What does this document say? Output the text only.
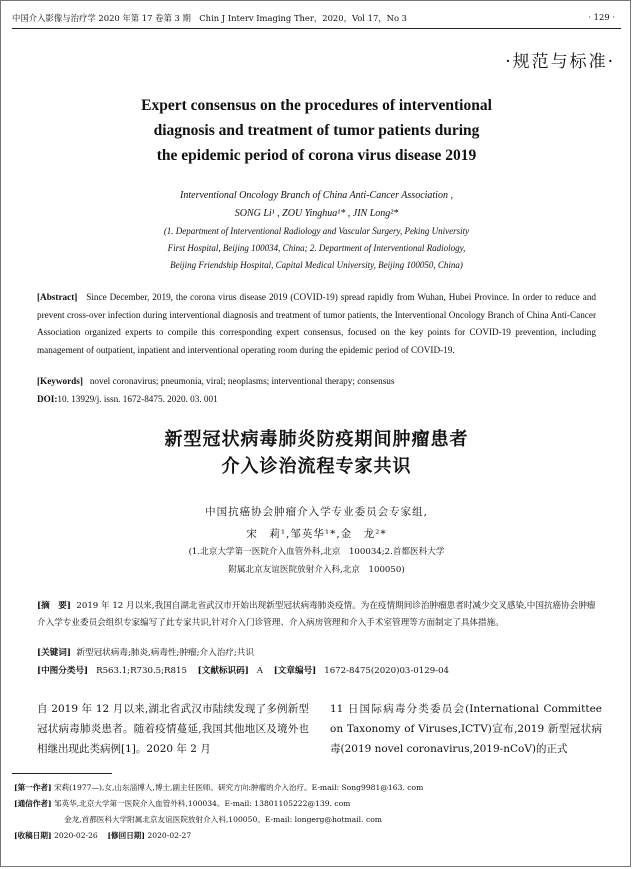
中国介入影像与治疗学 2020 年第 17 卷第 3 期　Chin J Interv Imaging Ther，2020，Vol 17，No 3	· 129 ·
·规范与标准·
Expert consensus on the procedures of interventional
diagnosis and treatment of tumor patients during
the epidemic period of corona virus disease 2019
Interventional Oncology Branch of China Anti-Cancer Association ,
SONG Li¹ , ZOU Yinghua¹* , JIN Long²*
(1. Department of Interventional Radiology and Vascular Surgery, Peking University
First Hospital, Beijing 100034, China; 2. Department of Interventional Radiology,
Beijing Friendship Hospital, Capital Medical University, Beijing 100050, China)
[Abstract] Since December, 2019, the corona virus disease 2019 (COVID-19) spread rapidly from Wuhan, Hubei Province. In order to reduce and prevent cross-over infection during interventional diagnosis and treatment of tumor patients, the Interventional Oncology Branch of China Anti-Cancer Association organized experts to compile this corresponding expert consensus, focused on the key points for COVID-19 prevention, including management of outpatient, inpatient and interventional operating room during the epidemic period of COVID-19.
[Keywords] novel coronavirus; pneumonia, viral; neoplasms; interventional therapy; consensus
DOI:10. 13929/j. issn. 1672-8475. 2020. 03. 001
新型冠状病毒肺炎防疫期间肿瘤患者
介入诊治流程专家共识
中国抗癌协会肿瘤介入学专业委员会专家组,
宋　莉¹,邹英华¹*,金　龙²*
(1.北京大学第一医院介入血管外科,北京　100034;2.首都医科大学
附属北京友谊医院放射介入科,北京　100050)
[摘　要] 2019 年 12 月以来,我国自湖北省武汉市开始出现新型冠状病毒肺炎疫情。为在疫情期间诊治肿瘤患者时减少交叉感染,中国抗癌协会肿瘤介入学专业委员会组织专家编写了此专家共识,针对介入门诊管理、介入病房管理和介入手术室管理等方面制定了具体措施。
[关键词] 新型冠状病毒;肺炎,病毒性;肿瘤;介入治疗;共识
[中图分类号] R563.1;R730.5;R815 [文献标识码] A [文章编号] 1672-8475(2020)03-0129-04
自 2019 年 12 月以来,湖北省武汉市陆续发现了多例新型冠状病毒肺炎患者。随着疫情蔓延,我国其他地区及境外也相继出现此类病例[1]。2020 年 2 月
11 日国际病毒分类委员会(International Committee on Taxonomy of Viruses,ICTV)宣布,2019 新型冠状病毒(2019 novel coronavirus,2019-nCoV)的正式
[第一作者] 宋莉(1977—),女,山东淄博人,博士,副主任医师。研究方向:肿瘤的介入治疗。E-mail: Song9981@163. com
[通信作者] 邹英华,北京大学第一医院介入血管外科,100034。E-mail: 13801105222@139. com
金龙,首都医科大学附属北京友谊医院放射介入科,100050。E-mail: longerg@hotmail. com
[收稿日期] 2020-02-26 [修回日期] 2020-02-27
